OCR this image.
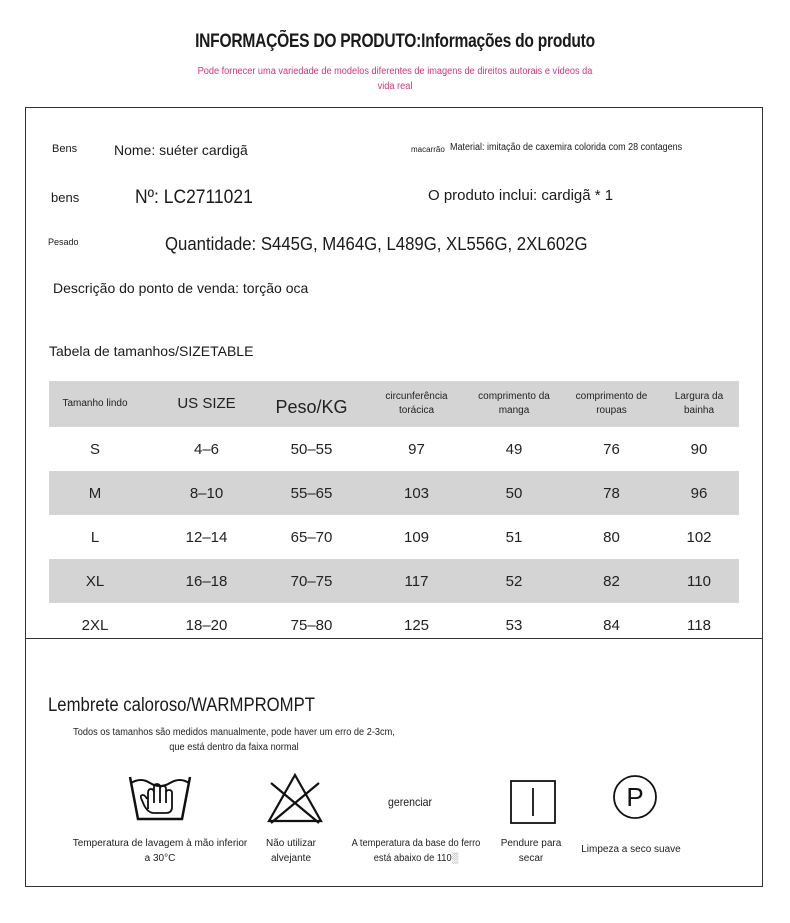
INFORMAÇÕES DO PRODUTO:Informações do produto
Pode fornecer uma variedade de modelos diferentes de imagens de direitos autorais e vídeos da vida real
Bens	Nome: suéter cardigã	macarrão Material: imitação de caxemira colorida com 28 contagens
bens	Nº: LC2711021	O produto inclui: cardigã * 1
Pesado	Quantidade: S445G, M464G, L489G, XL556G, 2XL602G
Descrição do ponto de venda: torção oca
Tabela de tamanhos/SIZETABLE
Tamanho lindo	US SIZE	Peso/KG	circunferência torácica	comprimento da manga	comprimento de roupas	Largura da bainha
S	4–6	50–55	97	49	76	90
M	8–10	55–65	103	50	78	96
L	12–14	65–70	109	51	80	102
XL	16–18	70–75	117	52	82	110
2XL	18–20	75–80	125	53	84	118
Lembrete caloroso/WARMPROMPT
Todos os tamanhos são medidos manualmente, pode haver um erro de 2-3cm, que está dentro da faixa normal
Temperatura de lavagem à mão inferior a 30°C
Não utilizar alvejante
gerenciar
A temperatura da base do ferro está abaixo de 110░
Pendure para secar
P
Limpeza a seco suave
